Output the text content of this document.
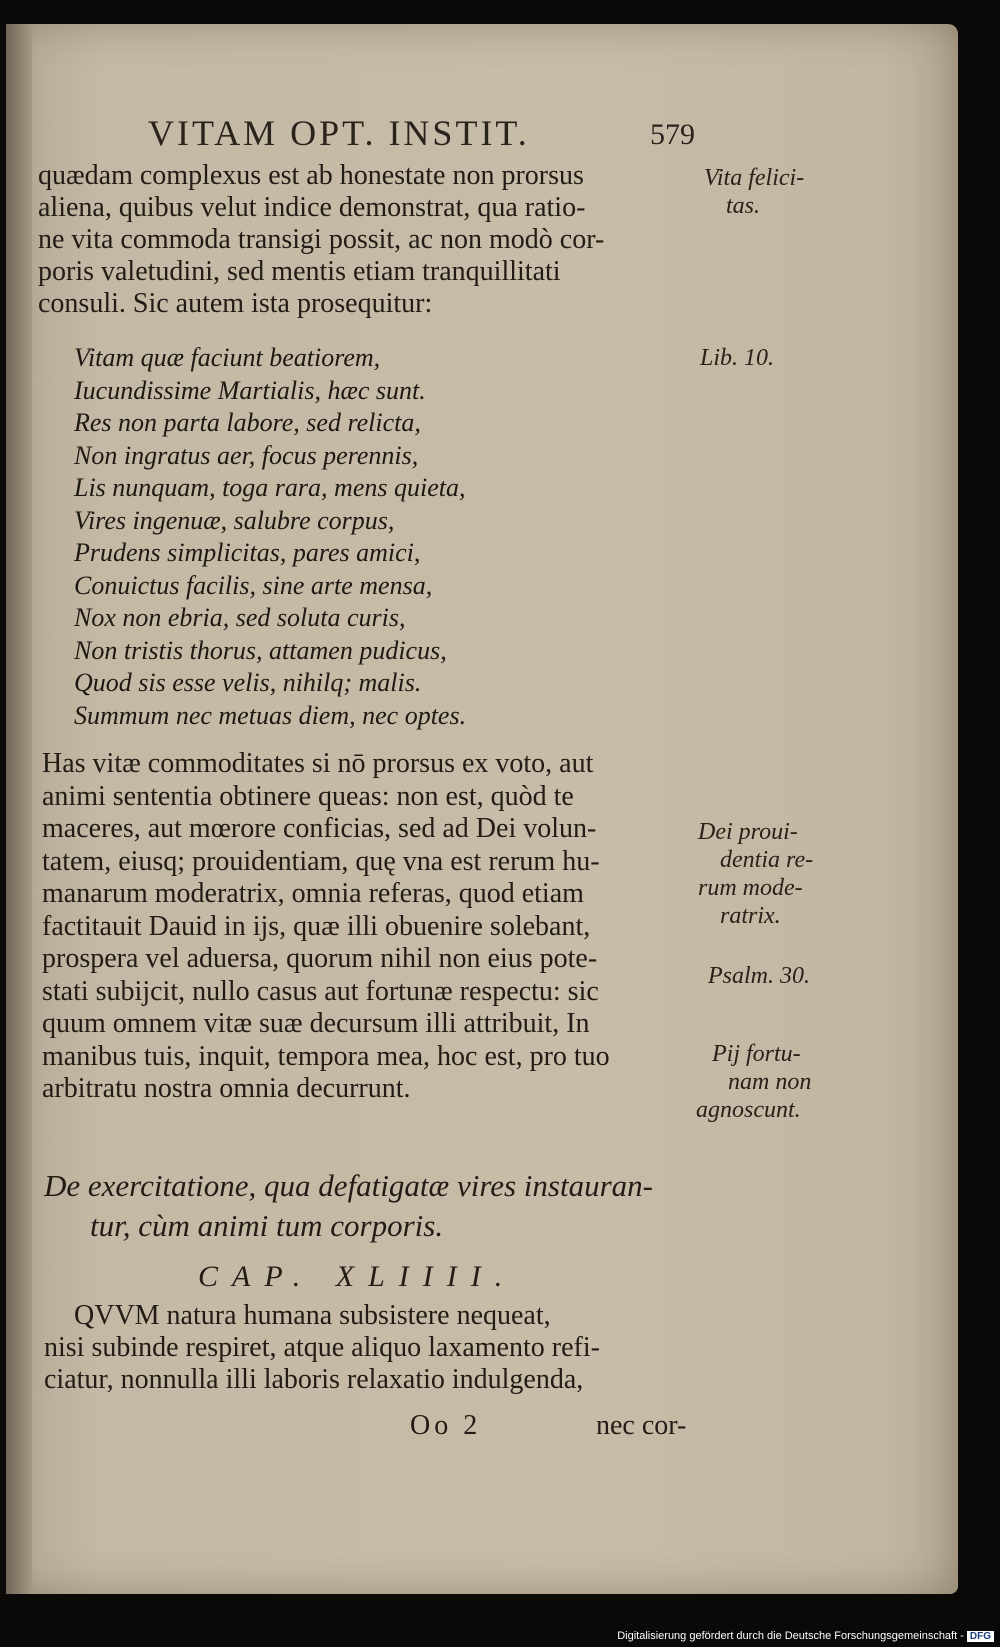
VITAM OPT. INSTIT.	579
quædam complexus est ab honestate non prorsus
aliena, quibus velut indice demonstrat, qua ratio-
ne vita commoda transigi possit, ac non modò cor-
poris valetudini, sed mentis etiam tranquillitati
consuli. Sic autem ista prosequitur:
Vitam quæ faciunt beatiorem,
Iucundissime Martialis, hæc sunt.
Res non parta labore, sed relicta,
Non ingratus aer, focus perennis,
Lis nunquam, toga rara, mens quieta,
Vires ingenuæ, salubre corpus,
Prudens simplicitas, pares amici,
Conuictus facilis, sine arte mensa,
Nox non ebria, sed soluta curis,
Non tristis thorus, attamen pudicus,
Quod sis esse velis, nihilq; malis.
Summum nec metuas diem, nec optes.
Has vitæ commoditates si nō prorsus ex voto, aut
animi sententia obtinere queas: non est, quòd te
maceres, aut mœrore conficias, sed ad Dei volun-
tatem, eiusq; prouidentiam, quę vna est rerum hu-
manarum moderatrix, omnia referas, quod etiam
factitauit Dauid in ijs, quæ illi obuenire solebant,
prospera vel aduersa, quorum nihil non eius pote-
stati subijcit, nullo casus aut fortunæ respectu: sic
quum omnem vitæ suæ decursum illi attribuit, In
manibus tuis, inquit, tempora mea, hoc est, pro tuo
arbitratu nostra omnia decurrunt.
Vita felici-
tas.
Lib. 10.
Dei proui-
dentia re-
rum mode-
ratrix.
Psalm. 30.
Pij fortu-
nam non
agnoscunt.
De exercitatione, qua defatigatæ vires instauran-
tur, cùm animi tum corporis.
CAP. XLIIII.
QVVM natura humana subsistere nequeat,
nisi subinde respiret, atque aliquo laxamento refi-
ciatur, nonnulla illi laboris relaxatio indulgenda,
Oo 2	nec cor-
Digitalisierung gefördert durch die Deutsche Forschungsgemeinschaft - DFG
